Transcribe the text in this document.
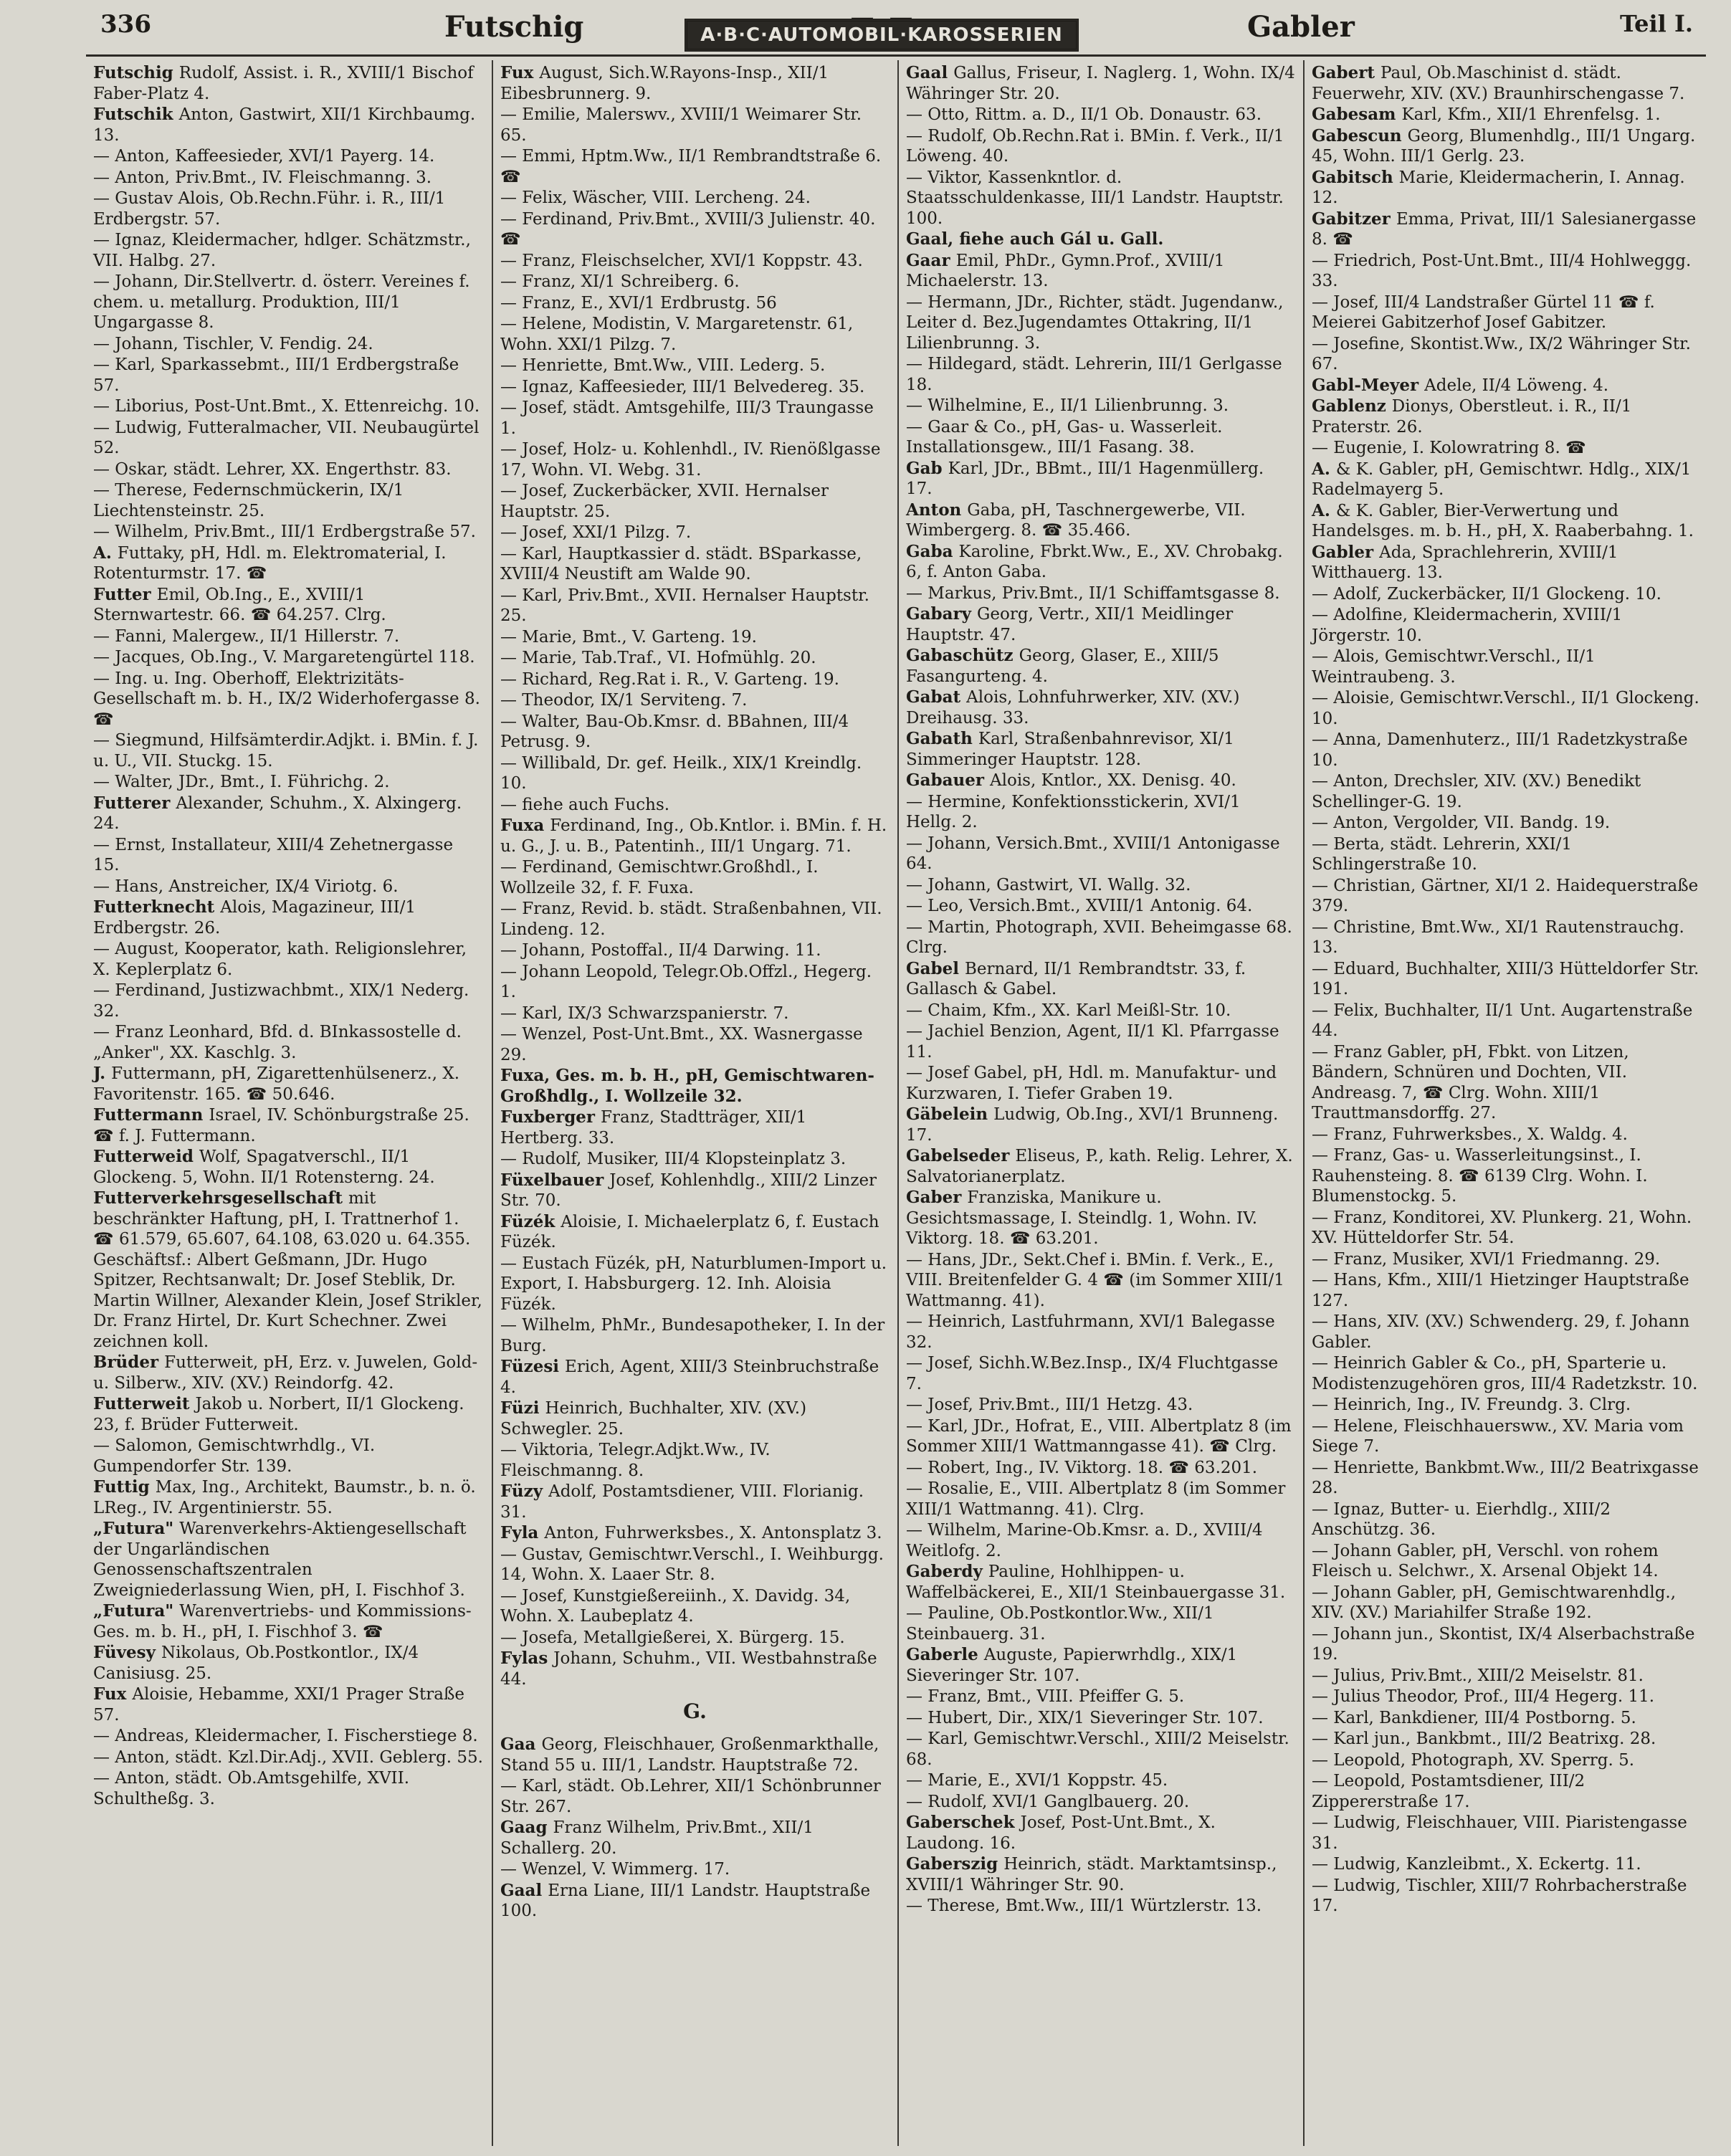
336	Futschig	A·B·C·AUTOMOBIL·KAROSSERIEN	Gabler	Teil I.
Futschig Rudolf, Assist. i. R., XVIII/1 Bischof Faber-Platz 4.
Futschik Anton, Gastwirt, XII/1 Kirchbaumg. 13.
— Anton, Kaffeesieder, XVI/1 Payerg. 14.
— Anton, Priv.Bmt., IV. Fleischmanng. 3.
— Gustav Alois, Ob.Rechn.Führ. i. R., III/1 Erdbergstr. 57.
— Ignaz, Kleidermacher, hdlger. Schätzmstr., VII. Halbg. 27.
— Johann, Dir.Stellvertr. d. österr. Vereines f. chem. u. metallurg. Produktion, III/1 Ungargasse 8.
— Johann, Tischler, V. Fendig. 24.
— Karl, Sparkassebmt., III/1 Erdbergstraße 57.
— Liborius, Post-Unt.Bmt., X. Ettenreichg. 10.
— Ludwig, Futteralmacher, VII. Neubaugürtel 52.
— Oskar, städt. Lehrer, XX. Engerthstr. 83.
— Therese, Federnschmückerin, IX/1 Liechtensteinstr. 25.
— Wilhelm, Priv.Bmt., III/1 Erdbergstraße 57.
A. Futtaky, pH, Hdl. m. Elektromaterial, I. Rotenturmstr. 17. ☎
Futter Emil, Ob.Ing., E., XVIII/1 Sternwartestr. 66. ☎ 64.257. Clrg.
— Fanni, Malergew., II/1 Hillerstr. 7.
— Jacques, Ob.Ing., V. Margaretengürtel 118.
— Ing. u. Ing. Oberhoff, Elektrizitäts-Gesellschaft m. b. H., IX/2 Widerhofergasse 8. ☎
— Siegmund, Hilfsämterdir.Adjkt. i. BMin. f. J. u. U., VII. Stuckg. 15.
— Walter, JDr., Bmt., I. Führichg. 2.
Futterer Alexander, Schuhm., X. Alxingerg. 24.
— Ernst, Installateur, XIII/4 Zehetnergasse 15.
— Hans, Anstreicher, IX/4 Viriotg. 6.
Futterknecht Alois, Magazineur, III/1 Erdbergstr. 26.
— August, Kooperator, kath. Religionslehrer, X. Keplerplatz 6.
— Ferdinand, Justizwachbmt., XIX/1 Nederg. 32.
— Franz Leonhard, Bfd. d. BInkassostelle d. „Anker", XX. Kaschlg. 3.
J. Futtermann, pH, Zigarettenhülsenerz., X. Favoritenstr. 165. ☎ 50.646.
Futtermann Israel, IV. Schönburgstraße 25. ☎ f. J. Futtermann.
Futterweid Wolf, Spagatverschl., II/1 Glockeng. 5, Wohn. II/1 Rotensterng. 24.
Futterverkehrsgesellschaft mit beschränkter Haftung, pH, I. Trattnerhof 1. ☎ 61.579, 65.607, 64.108, 63.020 u. 64.355. Geschäftsf.: Albert Geßmann, JDr. Hugo Spitzer, Rechtsanwalt; Dr. Josef Steblik, Dr. Martin Willner, Alexander Klein, Josef Strikler, Dr. Franz Hirtel, Dr. Kurt Schechner. Zwei zeichnen koll.
Brüder Futterweit, pH, Erz. v. Juwelen, Gold- u. Silberw., XIV. (XV.) Reindorfg. 42.
Futterweit Jakob u. Norbert, II/1 Glockeng. 23, f. Brüder Futterweit.
— Salomon, Gemischtwrhdlg., VI. Gumpendorfer Str. 139.
Futtig Max, Ing., Architekt, Baumstr., b. n. ö. LReg., IV. Argentinierstr. 55.
„Futura" Warenverkehrs-Aktiengesellschaft der Ungarländischen Genossenschaftszentralen Zweigniederlassung Wien, pH, I. Fischhof 3.
„Futura" Warenvertriebs- und Kommissions-Ges. m. b. H., pH, I. Fischhof 3. ☎
Füvesy Nikolaus, Ob.Postkontlor., IX/4 Canisiusg. 25.
Fux Aloisie, Hebamme, XXI/1 Prager Straße 57.
— Andreas, Kleidermacher, I. Fischerstiege 8.
— Anton, städt. Kzl.Dir.Adj., XVII. Geblerg. 55.
— Anton, städt. Ob.Amtsgehilfe, XVII. Schultheßg. 3.
Fux August, Sich.W.Rayons-Insp., XII/1 Eibesbrunnerg. 9.
— Emilie, Malerswv., XVIII/1 Weimarer Str. 65.
— Emmi, Hptm.Ww., II/1 Rembrandtstraße 6. ☎
— Felix, Wäscher, VIII. Lercheng. 24.
— Ferdinand, Priv.Bmt., XVIII/3 Julienstr. 40. ☎
— Franz, Fleischselcher, XVI/1 Koppstr. 43.
— Franz, XI/1 Schreiberg. 6.
— Franz, E., XVI/1 Erdbrustg. 56
— Helene, Modistin, V. Margaretenstr. 61, Wohn. XXI/1 Pilzg. 7.
— Henriette, Bmt.Ww., VIII. Lederg. 5.
— Ignaz, Kaffeesieder, III/1 Belvedereg. 35.
— Josef, städt. Amtsgehilfe, III/3 Traungasse 1.
— Josef, Holz- u. Kohlenhdl., IV. Rienößlgasse 17, Wohn. VI. Webg. 31.
— Josef, Zuckerbäcker, XVII. Hernalser Hauptstr. 25.
— Josef, XXI/1 Pilzg. 7.
— Karl, Hauptkassier d. städt. BSparkasse, XVIII/4 Neustift am Walde 90.
— Karl, Priv.Bmt., XVII. Hernalser Hauptstr. 25.
— Marie, Bmt., V. Garteng. 19.
— Marie, Tab.Traf., VI. Hofmühlg. 20.
— Richard, Reg.Rat i. R., V. Garteng. 19.
— Theodor, IX/1 Serviteng. 7.
— Walter, Bau-Ob.Kmsr. d. BBahnen, III/4 Petrusg. 9.
— Willibald, Dr. gef. Heilk., XIX/1 Kreindlg. 10.
— fiehe auch Fuchs.
Fuxa Ferdinand, Ing., Ob.Kntlor. i. BMin. f. H. u. G., J. u. B., Patentinh., III/1 Ungarg. 71.
— Ferdinand, Gemischtwr.Großhdl., I. Wollzeile 32, f. F. Fuxa.
— Franz, Revid. b. städt. Straßenbahnen, VII. Lindeng. 12.
— Johann, Postoffal., II/4 Darwing. 11.
— Johann Leopold, Telegr.Ob.Offzl., Hegerg. 1.
— Karl, IX/3 Schwarzspanierstr. 7.
— Wenzel, Post-Unt.Bmt., XX. Wasnergasse 29.
Fuxa, Ges. m. b. H., pH, Gemischtwaren-Großhdlg., I. Wollzeile 32.
Fuxberger Franz, Stadtträger, XII/1 Hertberg. 33.
— Rudolf, Musiker, III/4 Klopsteinplatz 3.
Füxelbauer Josef, Kohlenhdlg., XIII/2 Linzer Str. 70.
Füzék Aloisie, I. Michaelerplatz 6, f. Eustach Füzék.
— Eustach Füzék, pH, Naturblumen-Import u. Export, I. Habsburgerg. 12. Inh. Aloisia Füzék.
— Wilhelm, PhMr., Bundesapotheker, I. In der Burg.
Füzesi Erich, Agent, XIII/3 Steinbruchstraße 4.
Füzi Heinrich, Buchhalter, XIV. (XV.) Schwegler. 25.
— Viktoria, Telegr.Adjkt.Ww., IV. Fleischmanng. 8.
Füzy Adolf, Postamtsdiener, VIII. Florianig. 31.
Fyla Anton, Fuhrwerksbes., X. Antonsplatz 3.
— Gustav, Gemischtwr.Verschl., I. Weihburgg. 14, Wohn. X. Laaer Str. 8.
— Josef, Kunstgießereiinh., X. Davidg. 34, Wohn. X. Laubeplatz 4.
— Josefa, Metallgießerei, X. Bürgerg. 15.
Fylas Johann, Schuhm., VII. Westbahnstraße 44.
G.
Gaa Georg, Fleischhauer, Großenmarkthalle, Stand 55 u. III/1, Landstr. Hauptstraße 72.
— Karl, städt. Ob.Lehrer, XII/1 Schönbrunner Str. 267.
Gaag Franz Wilhelm, Priv.Bmt., XII/1 Schallerg. 20.
— Wenzel, V. Wimmerg. 17.
Gaal Erna Liane, III/1 Landstr. Hauptstraße 100.
Gaal Gallus, Friseur, I. Naglerg. 1, Wohn. IX/4 Währinger Str. 20.
— Otto, Rittm. a. D., II/1 Ob. Donaustr. 63.
— Rudolf, Ob.Rechn.Rat i. BMin. f. Verk., II/1 Löweng. 40.
— Viktor, Kassenkntlor. d. Staatsschuldenkasse, III/1 Landstr. Hauptstr. 100.
Gaal, fiehe auch Gál u. Gall.
Gaar Emil, PhDr., Gymn.Prof., XVIII/1 Michaelerstr. 13.
— Hermann, JDr., Richter, städt. Jugendanw., Leiter d. Bez.Jugendamtes Ottakring, II/1 Lilienbrunng. 3.
— Hildegard, städt. Lehrerin, III/1 Gerlgasse 18.
— Wilhelmine, E., II/1 Lilienbrunng. 3.
— Gaar & Co., pH, Gas- u. Wasserleit. Installationsgew., III/1 Fasang. 38.
Gab Karl, JDr., BBmt., III/1 Hagenmüllerg. 17.
Anton Gaba, pH, Taschnergewerbe, VII. Wimbergerg. 8. ☎ 35.466.
Gaba Karoline, Fbrkt.Ww., E., XV. Chrobakg. 6, f. Anton Gaba.
— Markus, Priv.Bmt., II/1 Schiffamtsgasse 8.
Gabary Georg, Vertr., XII/1 Meidlinger Hauptstr. 47.
Gabaschütz Georg, Glaser, E., XIII/5 Fasangurteng. 4.
Gabat Alois, Lohnfuhrwerker, XIV. (XV.) Dreihausg. 33.
Gabath Karl, Straßenbahnrevisor, XI/1 Simmeringer Hauptstr. 128.
Gabauer Alois, Kntlor., XX. Denisg. 40.
— Hermine, Konfektionsstickerin, XVI/1 Hellg. 2.
— Johann, Versich.Bmt., XVIII/1 Antonigasse 64.
— Johann, Gastwirt, VI. Wallg. 32.
— Leo, Versich.Bmt., XVIII/1 Antonig. 64.
— Martin, Photograph, XVII. Beheimgasse 68. Clrg.
Gabel Bernard, II/1 Rembrandtstr. 33, f. Gallasch & Gabel.
— Chaim, Kfm., XX. Karl Meißl-Str. 10.
— Jachiel Benzion, Agent, II/1 Kl. Pfarrgasse 11.
— Josef Gabel, pH, Hdl. m. Manufaktur- und Kurzwaren, I. Tiefer Graben 19.
Gäbelein Ludwig, Ob.Ing., XVI/1 Brunneng. 17.
Gabelseder Eliseus, P., kath. Relig. Lehrer, X. Salvatorianerplatz.
Gaber Franziska, Manikure u. Gesichtsmassage, I. Steindlg. 1, Wohn. IV. Viktorg. 18. ☎ 63.201.
— Hans, JDr., Sekt.Chef i. BMin. f. Verk., E., VIII. Breitenfelder G. 4 ☎ (im Sommer XIII/1 Wattmanng. 41).
— Heinrich, Lastfuhrmann, XVI/1 Balegasse 32.
— Josef, Sichh.W.Bez.Insp., IX/4 Fluchtgasse 7.
— Josef, Priv.Bmt., III/1 Hetzg. 43.
— Karl, JDr., Hofrat, E., VIII. Albertplatz 8 (im Sommer XIII/1 Wattmanngasse 41). ☎ Clrg.
— Robert, Ing., IV. Viktorg. 18. ☎ 63.201.
— Rosalie, E., VIII. Albertplatz 8 (im Sommer XIII/1 Wattmanng. 41). Clrg.
— Wilhelm, Marine-Ob.Kmsr. a. D., XVIII/4 Weitlofg. 2.
Gaberdy Pauline, Hohlhippen- u. Waffelbäckerei, E., XII/1 Steinbauergasse 31.
— Pauline, Ob.Postkontlor.Ww., XII/1 Steinbauerg. 31.
Gaberle Auguste, Papierwrhdlg., XIX/1 Sieveringer Str. 107.
— Franz, Bmt., VIII. Pfeiffer G. 5.
— Hubert, Dir., XIX/1 Sieveringer Str. 107.
— Karl, Gemischtwr.Verschl., XIII/2 Meiselstr. 68.
— Marie, E., XVI/1 Koppstr. 45.
— Rudolf, XVI/1 Ganglbauerg. 20.
Gaberschek Josef, Post-Unt.Bmt., X. Laudong. 16.
Gaberszig Heinrich, städt. Marktamtsinsp., XVIII/1 Währinger Str. 90.
— Therese, Bmt.Ww., III/1 Würtzlerstr. 13.
Gabert Paul, Ob.Maschinist d. städt. Feuerwehr, XIV. (XV.) Braunhirschengasse 7.
Gabesam Karl, Kfm., XII/1 Ehrenfelsg. 1.
Gabescun Georg, Blumenhdlg., III/1 Ungarg. 45, Wohn. III/1 Gerlg. 23.
Gabitsch Marie, Kleidermacherin, I. Annag. 12.
Gabitzer Emma, Privat, III/1 Salesianergasse 8. ☎
— Friedrich, Post-Unt.Bmt., III/4 Hohlweggg. 33.
— Josef, III/4 Landstraßer Gürtel 11 ☎ f. Meierei Gabitzerhof Josef Gabitzer.
— Josefine, Skontist.Ww., IX/2 Währinger Str. 67.
Gabl-Meyer Adele, II/4 Löweng. 4.
Gablenz Dionys, Oberstleut. i. R., II/1 Praterstr. 26.
— Eugenie, I. Kolowratring 8. ☎
A. & K. Gabler, pH, Gemischtwr. Hdlg., XIX/1 Radelmayerg 5.
A. & K. Gabler, Bier-Verwertung und Handelsges. m. b. H., pH, X. Raaberbahng. 1.
Gabler Ada, Sprachlehrerin, XVIII/1 Witthauerg. 13.
— Adolf, Zuckerbäcker, II/1 Glockeng. 10.
— Adolfine, Kleidermacherin, XVIII/1 Jörgerstr. 10.
— Alois, Gemischtwr.Verschl., II/1 Weintraubeng. 3.
— Aloisie, Gemischtwr.Verschl., II/1 Glockeng. 10.
— Anna, Damenhuterz., III/1 Radetzkystraße 10.
— Anton, Drechsler, XIV. (XV.) Benedikt Schellinger-G. 19.
— Anton, Vergolder, VII. Bandg. 19.
— Berta, städt. Lehrerin, XXI/1 Schlingerstraße 10.
— Christian, Gärtner, XI/1 2. Haidequerstraße 379.
— Christine, Bmt.Ww., XI/1 Rautenstrauchg. 13.
— Eduard, Buchhalter, XIII/3 Hütteldorfer Str. 191.
— Felix, Buchhalter, II/1 Unt. Augartenstraße 44.
— Franz Gabler, pH, Fbkt. von Litzen, Bändern, Schnüren und Dochten, VII. Andreasg. 7, ☎ Clrg. Wohn. XIII/1 Trauttmansdorffg. 27.
— Franz, Fuhrwerksbes., X. Waldg. 4.
— Franz, Gas- u. Wasserleitungsinst., I. Rauhensteing. 8. ☎ 6139 Clrg. Wohn. I. Blumenstockg. 5.
— Franz, Konditorei, XV. Plunkerg. 21, Wohn. XV. Hütteldorfer Str. 54.
— Franz, Musiker, XVI/1 Friedmanng. 29.
— Hans, Kfm., XIII/1 Hietzinger Hauptstraße 127.
— Hans, XIV. (XV.) Schwenderg. 29, f. Johann Gabler.
— Heinrich Gabler & Co., pH, Sparterie u. Modistenzugehören gros, III/4 Radetzkstr. 10.
— Heinrich, Ing., IV. Freundg. 3. Clrg.
— Helene, Fleischhauersww., XV. Maria vom Siege 7.
— Henriette, Bankbmt.Ww., III/2 Beatrixgasse 28.
— Ignaz, Butter- u. Eierhdlg., XIII/2 Anschützg. 36.
— Johann Gabler, pH, Verschl. von rohem Fleisch u. Selchwr., X. Arsenal Objekt 14.
— Johann Gabler, pH, Gemischtwarenhdlg., XIV. (XV.) Mariahilfer Straße 192.
— Johann jun., Skontist, IX/4 Alserbachstraße 19.
— Julius, Priv.Bmt., XIII/2 Meiselstr. 81.
— Julius Theodor, Prof., III/4 Hegerg. 11.
— Karl, Bankdiener, III/4 Postborng. 5.
— Karl jun., Bankbmt., III/2 Beatrixg. 28.
— Leopold, Photograph, XV. Sperrg. 5.
— Leopold, Postamtsdiener, III/2 Zippererstraße 17.
— Ludwig, Fleischhauer, VIII. Piaristengasse 31.
— Ludwig, Kanzleibmt., X. Eckertg. 11.
— Ludwig, Tischler, XIII/7 Rohrbacherstraße 17.
